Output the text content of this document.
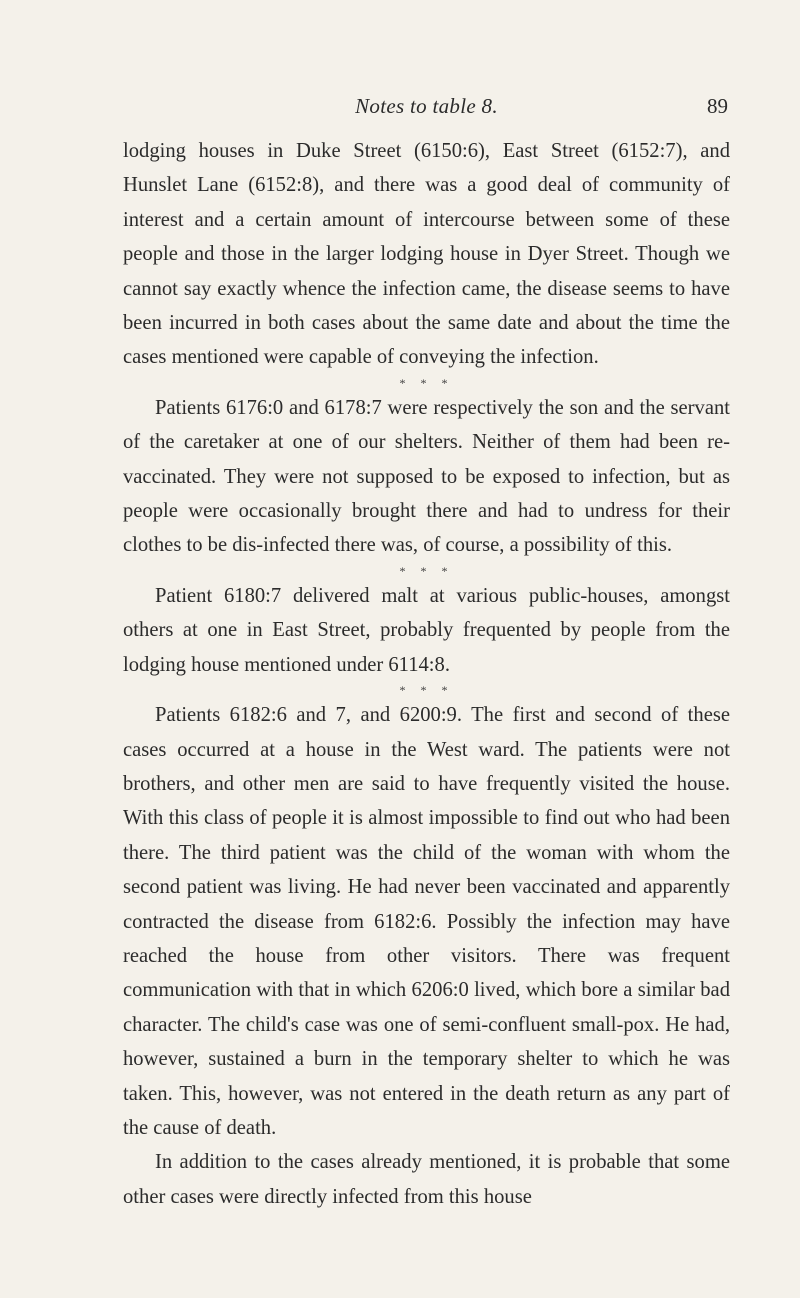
Notes to table 8.	89

lodging houses in Duke Street (6150:6), East Street (6152:7), and Hunslet Lane (6152:8), and there was a good deal of community of interest and a certain amount of intercourse between some of these people and those in the larger lodging house in Dyer Street. Though we cannot say exactly whence the infection came, the disease seems to have been incurred in both cases about the same date and about the time the cases mentioned were capable of conveying the infection.

* * *

Patients 6176:0 and 6178:7 were respectively the son and the servant of the caretaker at one of our shelters. Neither of them had been re-vaccinated. They were not supposed to be exposed to infection, but as people were occasionally brought there and had to undress for their clothes to be dis-infected there was, of course, a possibility of this.

* * *

Patient 6180:7 delivered malt at various public-houses, amongst others at one in East Street, probably frequented by people from the lodging house mentioned under 6114:8.

* * *

Patients 6182:6 and 7, and 6200:9. The first and second of these cases occurred at a house in the West ward. The patients were not brothers, and other men are said to have frequently visited the house. With this class of people it is almost impossible to find out who had been there. The third patient was the child of the woman with whom the second patient was living. He had never been vaccinated and apparently contracted the disease from 6182:6. Possibly the infection may have reached the house from other visitors. There was frequent communication with that in which 6206:0 lived, which bore a similar bad character. The child's case was one of semi-confluent small-pox. He had, however, sustained a burn in the temporary shelter to which he was taken. This, however, was not entered in the death return as any part of the cause of death.

In addition to the cases already mentioned, it is probable that some other cases were directly infected from this house
